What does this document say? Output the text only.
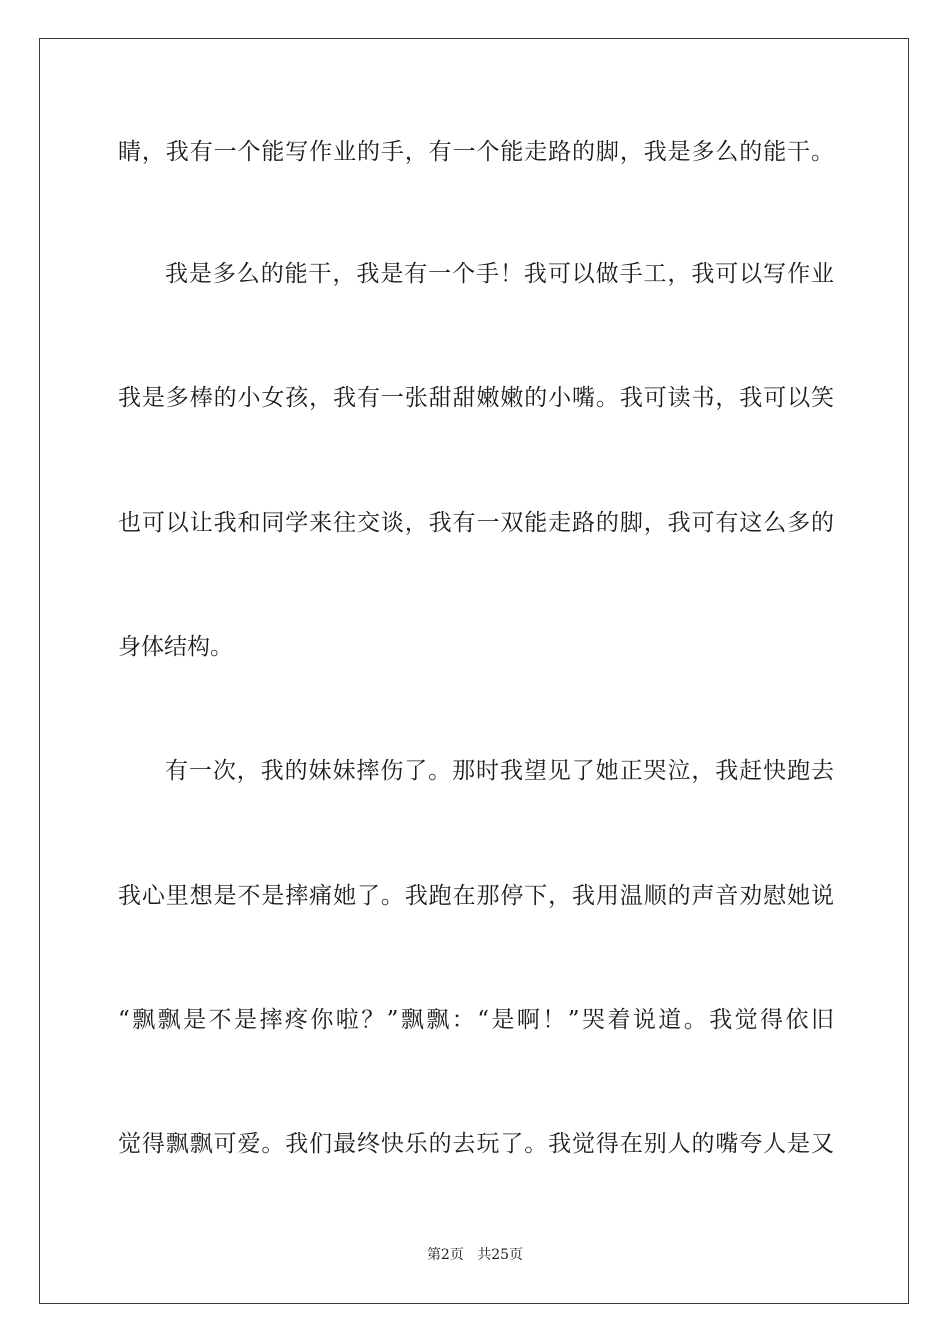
睛，我有一个能写作业的手，有一个能走路的脚，我是多么的能干。
我是多么的能干，我是有一个手！我可以做手工，我可以写作业
我是多棒的小女孩，我有一张甜甜嫩嫩的小嘴。我可读书，我可以笑
也可以让我和同学来往交谈，我有一双能走路的脚，我可有这么多的
身体结构。
有一次，我的妹妹摔伤了。那时我望见了她正哭泣，我赶快跑去
我心里想是不是摔痛她了。我跑在那停下，我用温顺的声音劝慰她说
“飘飘是不是摔疼你啦？”飘飘：“是啊！”哭着说道。我觉得依旧
觉得飘飘可爱。我们最终快乐的去玩了。我觉得在别人的嘴夸人是又
第2页 共25页
